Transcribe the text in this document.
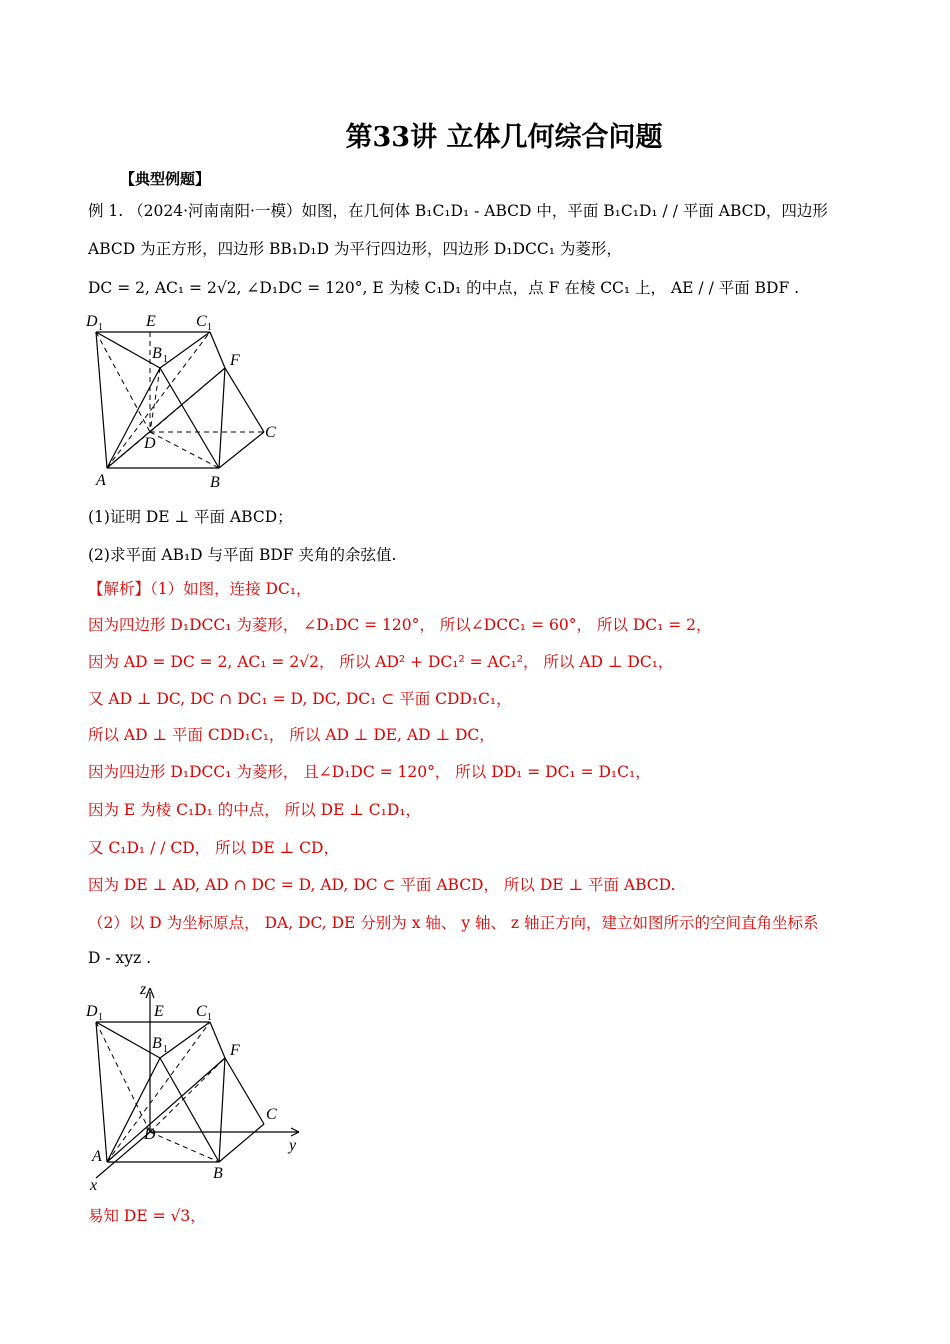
第33讲 立体几何综合问题
【典型例题】
例 1. （2024·河南南阳·一模）如图，在几何体 B₁C₁D₁ - ABCD 中，平面 B₁C₁D₁ / / 平面 ABCD，四边形
ABCD 为正方形，四边形 BB₁D₁D 为平行四边形，四边形 D₁DCC₁ 为菱形，
DC = 2, AC₁ = 2√2, ∠D₁DC = 120°, E 为棱 C₁D₁ 的中点，点 F 在棱 CC₁ 上， AE / / 平面 BDF .
D 1	E	C 1
B 1	F
C
D
A	B
(1)证明 DE ⊥ 平面 ABCD；
(2)求平面 AB₁D 与平面 BDF 夹角的余弦值.
【解析】（1）如图，连接 DC₁，
因为四边形 D₁DCC₁ 为菱形， ∠D₁DC = 120°， 所以∠DCC₁ = 60°， 所以 DC₁ = 2，
因为 AD = DC = 2, AC₁ = 2√2， 所以 AD² + DC₁² = AC₁²， 所以 AD ⊥ DC₁，
又 AD ⊥ DC, DC ∩ DC₁ = D, DC, DC₁ ⊂ 平面 CDD₁C₁，
所以 AD ⊥ 平面 CDD₁C₁， 所以 AD ⊥ DE, AD ⊥ DC，
因为四边形 D₁DCC₁ 为菱形， 且∠D₁DC = 120°， 所以 DD₁ = DC₁ = D₁C₁，
因为 E 为棱 C₁D₁ 的中点， 所以 DE ⊥ C₁D₁，
又 C₁D₁ / / CD， 所以 DE ⊥ CD，
因为 DE ⊥ AD, AD ∩ DC = D, AD, DC ⊂ 平面 ABCD， 所以 DE ⊥ 平面 ABCD.
（2）以 D 为坐标原点， DA, DC, DE 分别为 x 轴、 y 轴、 z 轴正方向，建立如图所示的空间直角坐标系
D - xyz .
z
D 1	E C 1
B 1	F
C
y
D
A
B
x
易知 DE = √3，
